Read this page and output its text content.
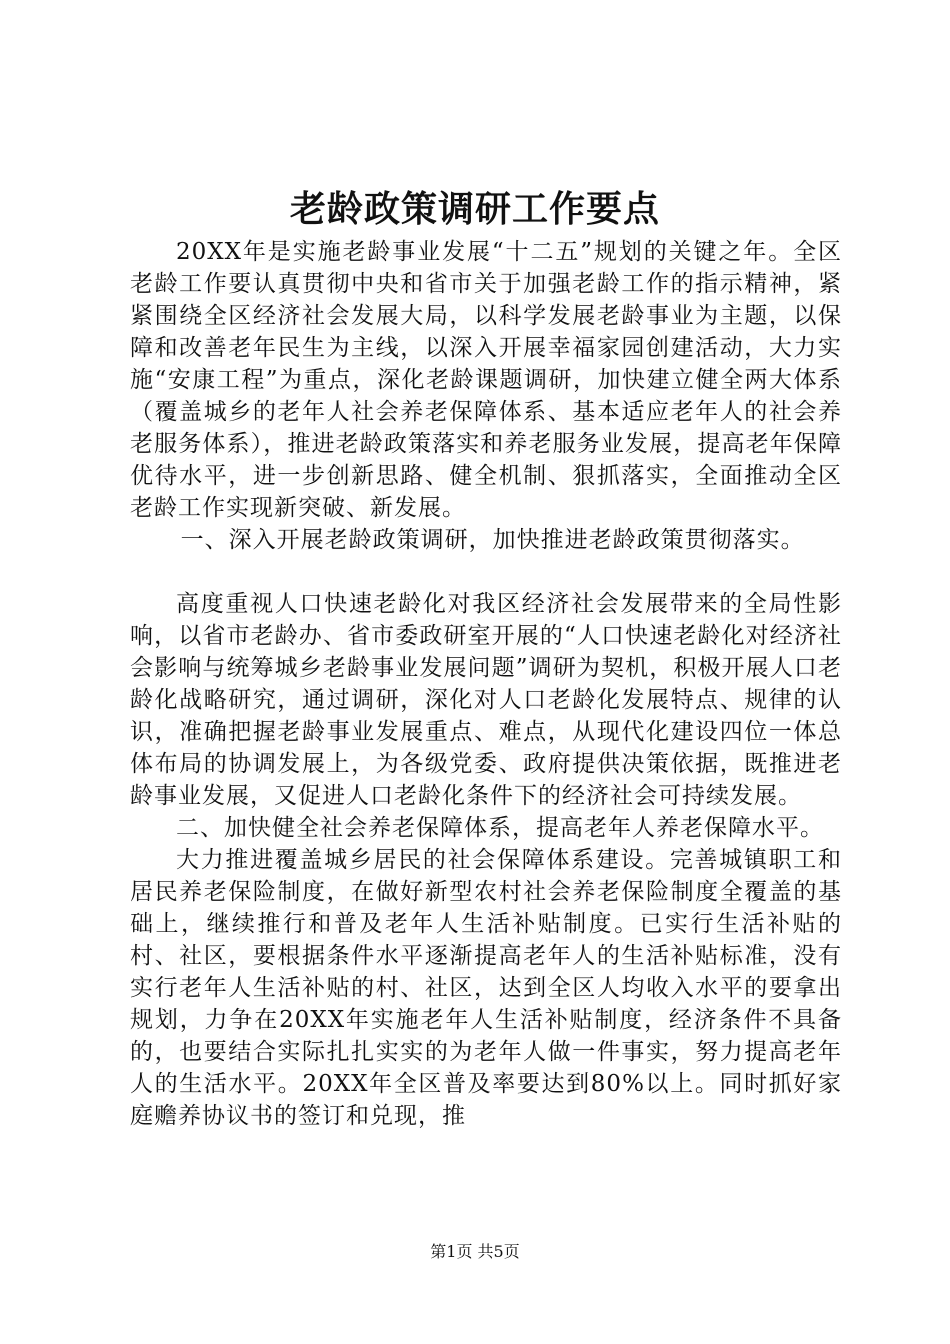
老龄政策调研工作要点

20XX年是实施老龄事业发展“十二五”规划的关键之年。全区老龄工作要认真贯彻中央和省市关于加强老龄工作的指示精神，紧紧围绕全区经济社会发展大局，以科学发展老龄事业为主题，以保障和改善老年民生为主线，以深入开展幸福家园创建活动，大力实施“安康工程”为重点，深化老龄课题调研，加快建立健全两大体系（覆盖城乡的老年人社会养老保障体系、基本适应老年人的社会养老服务体系），推进老龄政策落实和养老服务业发展，提高老年保障优待水平，进一步创新思路、健全机制、狠抓落实，全面推动全区老龄工作实现新突破、新发展。

一、深入开展老龄政策调研，加快推进老龄政策贯彻落实。

高度重视人口快速老龄化对我区经济社会发展带来的全局性影响，以省市老龄办、省市委政研室开展的“人口快速老龄化对经济社会影响与统筹城乡老龄事业发展问题”调研为契机，积极开展人口老龄化战略研究，通过调研，深化对人口老龄化发展特点、规律的认识，准确把握老龄事业发展重点、难点，从现代化建设四位一体总体布局的协调发展上，为各级党委、政府提供决策依据，既推进老龄事业发展，又促进人口老龄化条件下的经济社会可持续发展。

二、加快健全社会养老保障体系，提高老年人养老保障水平。

大力推进覆盖城乡居民的社会保障体系建设。完善城镇职工和居民养老保险制度，在做好新型农村社会养老保险制度全覆盖的基础上，继续推行和普及老年人生活补贴制度。已实行生活补贴的村、社区，要根据条件水平逐渐提高老年人的生活补贴标准，没有实行老年人生活补贴的村、社区，达到全区人均收入水平的要拿出规划，力争在20XX年实施老年人生活补贴制度，经济条件不具备的，也要结合实际扎扎实实的为老年人做一件事实，努力提高老年人的生活水平。20XX年全区普及率要达到80%以上。同时抓好家庭赡养协议书的签订和兑现，推

第1页 共5页
